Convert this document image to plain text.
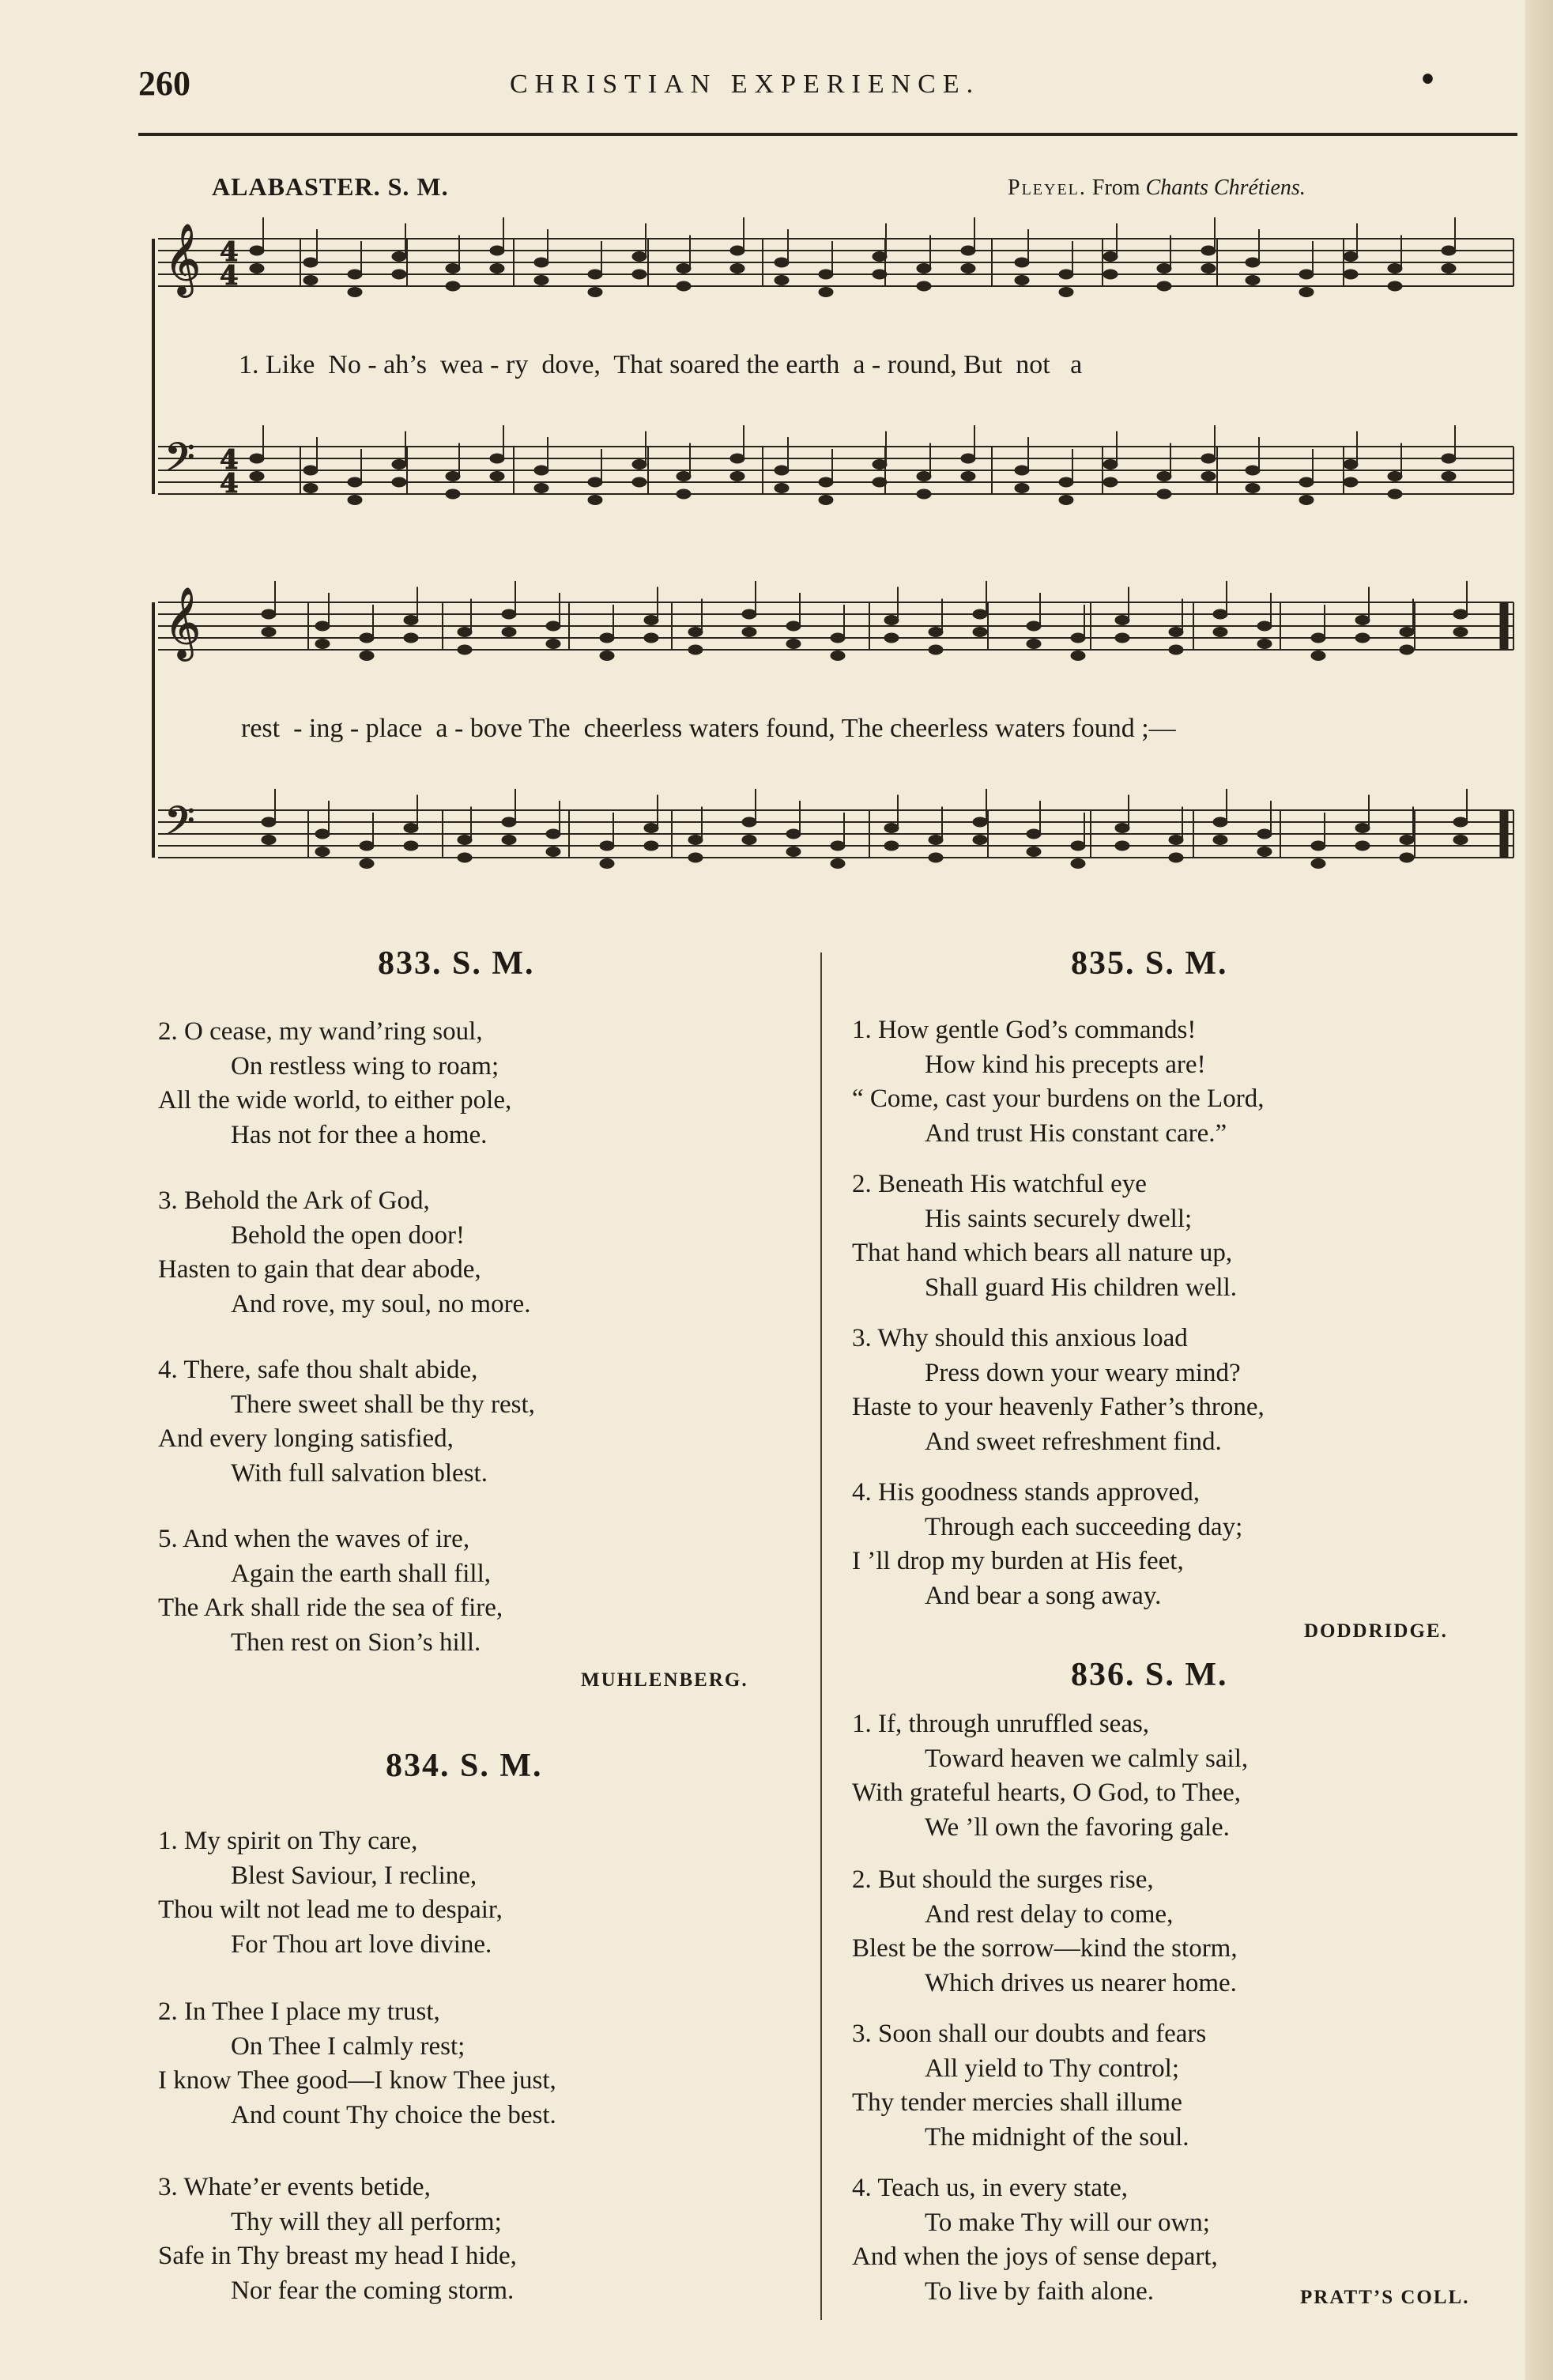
260	CHRISTIAN EXPERIENCE.	•
ALABASTER. S. M.	Pleyel. From Chants Chrétiens.
𝄞 4
4
𝄢 4
4
𝄞
𝄢
1. Like  No - ah’s  wea - ry  dove,  That soared the earth  a - round, But  not   a
rest  - ing - place  a - bove The  cheerless waters found, The cheerless waters found ;—
833. S. M.
2. O cease, my wand’ring soul,
On restless wing to roam;
All the wide world, to either pole,
Has not for thee a home.
3. Behold the Ark of God,
Behold the open door!
Hasten to gain that dear abode,
And rove, my soul, no more.
4. There, safe thou shalt abide,
There sweet shall be thy rest,
And every longing satisfied,
With full salvation blest.
5. And when the waves of ire,
Again the earth shall fill,
The Ark shall ride the sea of fire,
Then rest on Sion’s hill.
MUHLENBERG.
834. S. M.
1. My spirit on Thy care,
Blest Saviour, I recline,
Thou wilt not lead me to despair,
For Thou art love divine.
2. In Thee I place my trust,
On Thee I calmly rest;
I know Thee good—I know Thee just,
And count Thy choice the best.
3. Whate’er events betide,
Thy will they all perform;
Safe in Thy breast my head I hide,
Nor fear the coming storm.
835. S. M.
1. How gentle God’s commands!
How kind his precepts are!
“ Come, cast your burdens on the Lord,
And trust His constant care.”
2. Beneath His watchful eye
His saints securely dwell;
That hand which bears all nature up,
Shall guard His children well.
3. Why should this anxious load
Press down your weary mind?
Haste to your heavenly Father’s throne,
And sweet refreshment find.
4. His goodness stands approved,
Through each succeeding day;
I ’ll drop my burden at His feet,
And bear a song away.
DODDRIDGE.
836. S. M.
1. If, through unruffled seas,
Toward heaven we calmly sail,
With grateful hearts, O God, to Thee,
We ’ll own the favoring gale.
2. But should the surges rise,
And rest delay to come,
Blest be the sorrow—kind the storm,
Which drives us nearer home.
3. Soon shall our doubts and fears
All yield to Thy control;
Thy tender mercies shall illume
The midnight of the soul.
4. Teach us, in every state,
To make Thy will our own;
And when the joys of sense depart,
To live by faith alone.	PRATT’S COLL.
